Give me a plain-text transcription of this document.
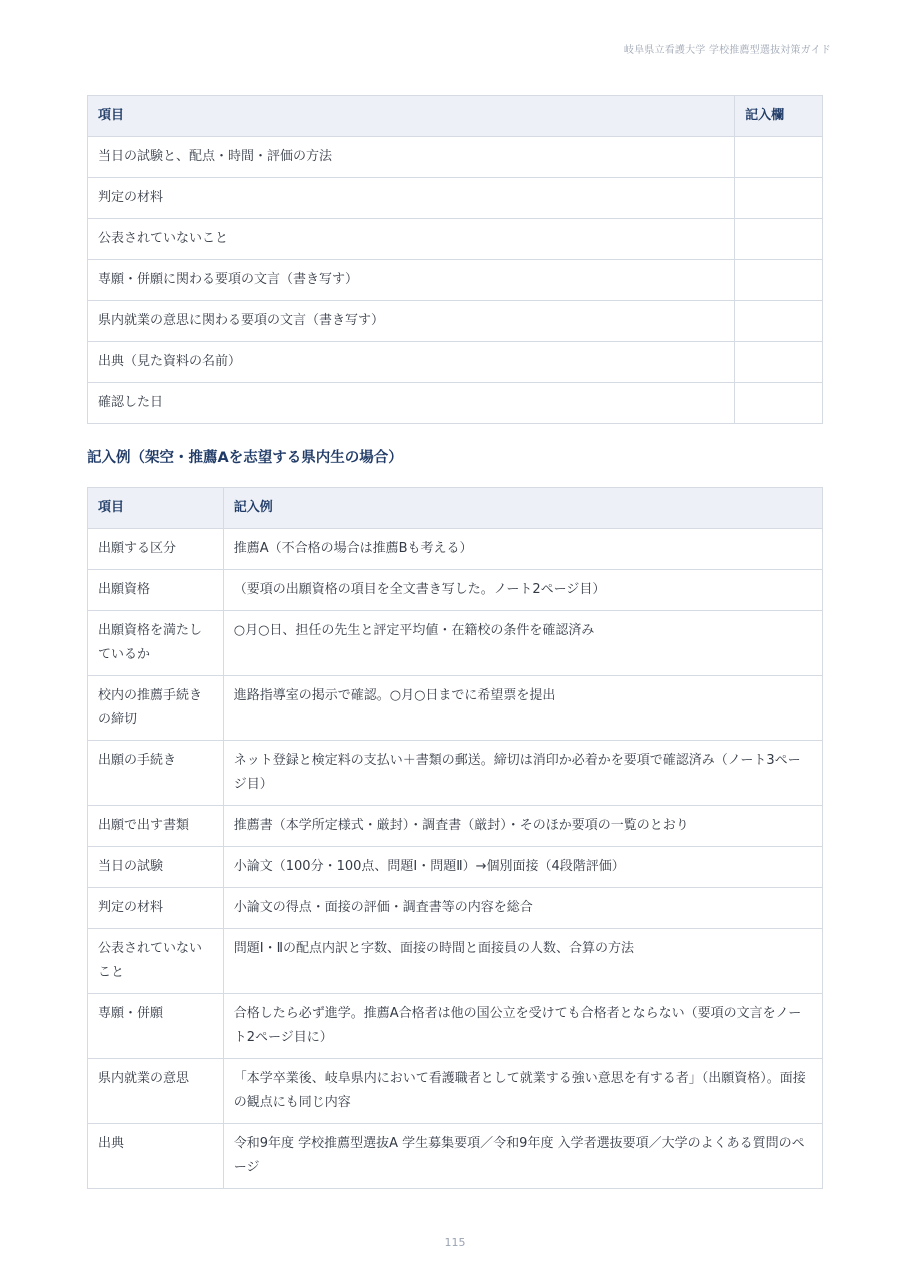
岐阜県立看護大学 学校推薦型選抜対策ガイド
項目	記入欄
当日の試験と、配点・時間・評価の方法	
判定の材料	
公表されていないこと	
専願・併願に関わる要項の文言（書き写す）	
県内就業の意思に関わる要項の文言（書き写す）	
出典（見た資料の名前）	
確認した日	
記入例（架空・推薦Aを志望する県内生の場合）
項目	記入例
出願する区分	推薦A（不合格の場合は推薦Bも考える）
出願資格	（要項の出願資格の項目を全文書き写した。ノート2ページ目）
出願資格を満たしているか	○月○日、担任の先生と評定平均値・在籍校の条件を確認済み
校内の推薦手続きの締切	進路指導室の掲示で確認。○月○日までに希望票を提出
出願の手続き	ネット登録と検定料の支払い＋書類の郵送。締切は消印か必着かを要項で確認済み（ノート3ページ目）
出願で出す書類	推薦書（本学所定様式・厳封）・調査書（厳封）・そのほか要項の一覧のとおり
当日の試験	小論文（100分・100点、問題Ⅰ・問題Ⅱ）→個別面接（4段階評価）
判定の材料	小論文の得点・面接の評価・調査書等の内容を総合
公表されていないこと	問題Ⅰ・Ⅱの配点内訳と字数、面接の時間と面接員の人数、合算の方法
専願・併願	合格したら必ず進学。推薦A合格者は他の国公立を受けても合格者とならない（要項の文言をノート2ページ目に）
県内就業の意思	「本学卒業後、岐阜県内において看護職者として就業する強い意思を有する者」（出願資格）。面接の観点にも同じ内容
出典	令和9年度 学校推薦型選抜A 学生募集要項／令和9年度 入学者選抜要項／大学のよくある質問のページ
115
